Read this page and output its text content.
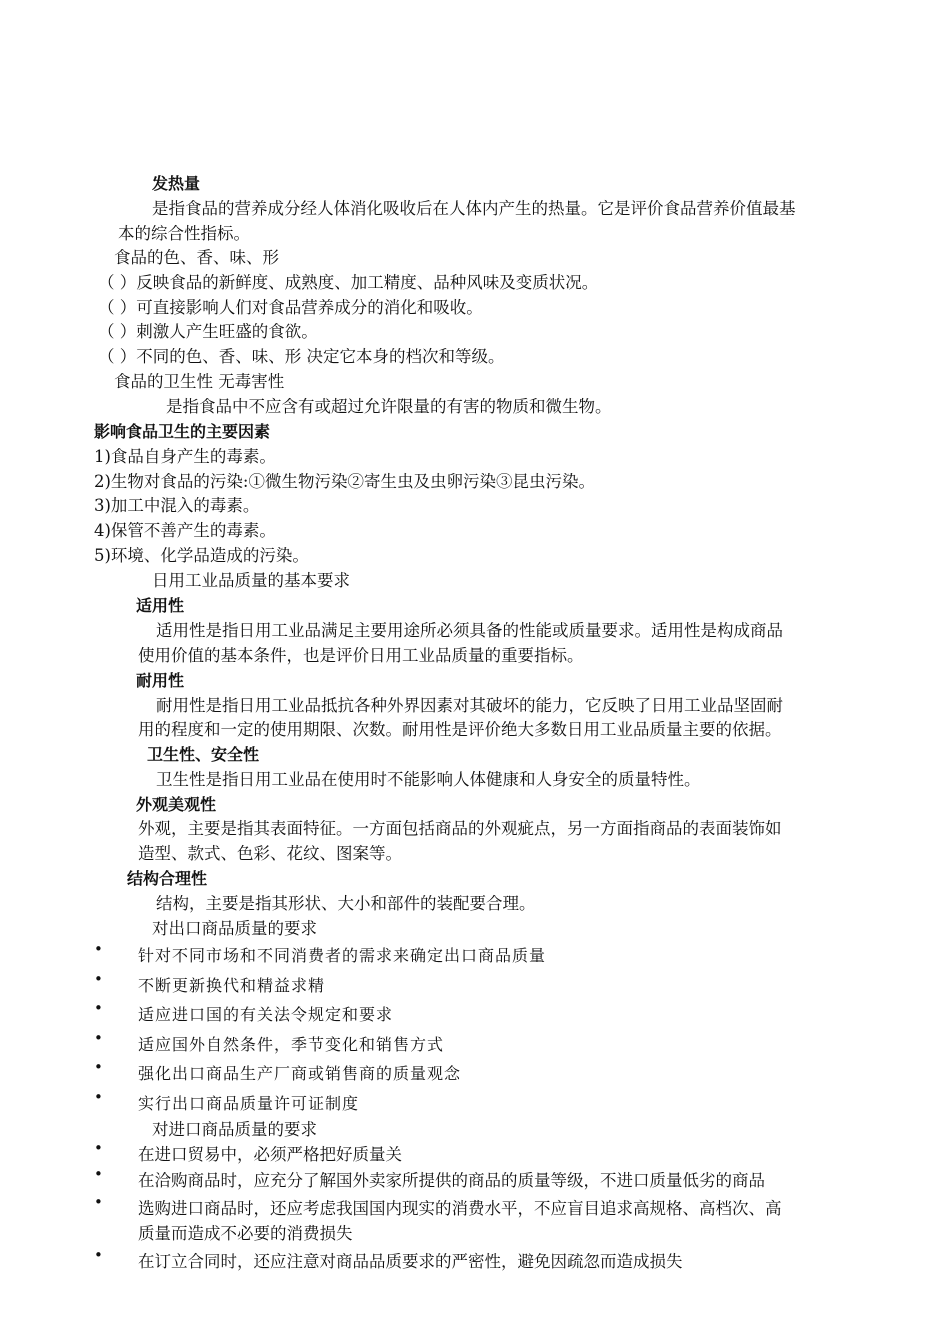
发热量
是指食品的营养成分经人体消化吸收后在人体内产生的热量。它是评价食品营养价值最基
本的综合性指标。
食品的色、香、味、形
（ ）反映食品的新鲜度、成熟度、加工精度、品种风味及变质状况。
（ ）可直接影响人们对食品营养成分的消化和吸收。
（ ）刺激人产生旺盛的食欲。
（ ）不同的色、香、味、形 决定它本身的档次和等级。
食品的卫生性 无毒害性
是指食品中不应含有或超过允许限量的有害的物质和微生物。
影响食品卫生的主要因素
1)食品自身产生的毒素。
2)生物对食品的污染:①微生物污染②寄生虫及虫卵污染③昆虫污染。
3)加工中混入的毒素。
4)保管不善产生的毒素。
5)环境、化学品造成的污染。
日用工业品质量的基本要求
适用性
适用性是指日用工业品满足主要用途所必须具备的性能或质量要求。适用性是构成商品
使用价值的基本条件，也是评价日用工业品质量的重要指标。
耐用性
耐用性是指日用工业品抵抗各种外界因素对其破坏的能力，它反映了日用工业品坚固耐
用的程度和一定的使用期限、次数。耐用性是评价绝大多数日用工业品质量主要的依据。
卫生性、安全性
卫生性是指日用工业品在使用时不能影响人体健康和人身安全的质量特性。
外观美观性
外观，主要是指其表面特征。一方面包括商品的外观疵点，另一方面指商品的表面装饰如
造型、款式、色彩、花纹、图案等。
结构合理性
结构，主要是指其形状、大小和部件的装配要合理。
对出口商品质量的要求
• 针对不同市场和不同消费者的需求来确定出口商品质量
• 不断更新换代和精益求精
• 适应进口国的有关法令规定和要求
• 适应国外自然条件，季节变化和销售方式
• 强化出口商品生产厂商或销售商的质量观念
• 实行出口商品质量许可证制度
对进口商品质量的要求
• 在进口贸易中，必须严格把好质量关
• 在洽购商品时，应充分了解国外卖家所提供的商品的质量等级，不进口质量低劣的商品
• 选购进口商品时，还应考虑我国国内现实的消费水平，不应盲目追求高规格、高档次、高
质量而造成不必要的消费损失
• 在订立合同时，还应注意对商品品质要求的严密性，避免因疏忽而造成损失
